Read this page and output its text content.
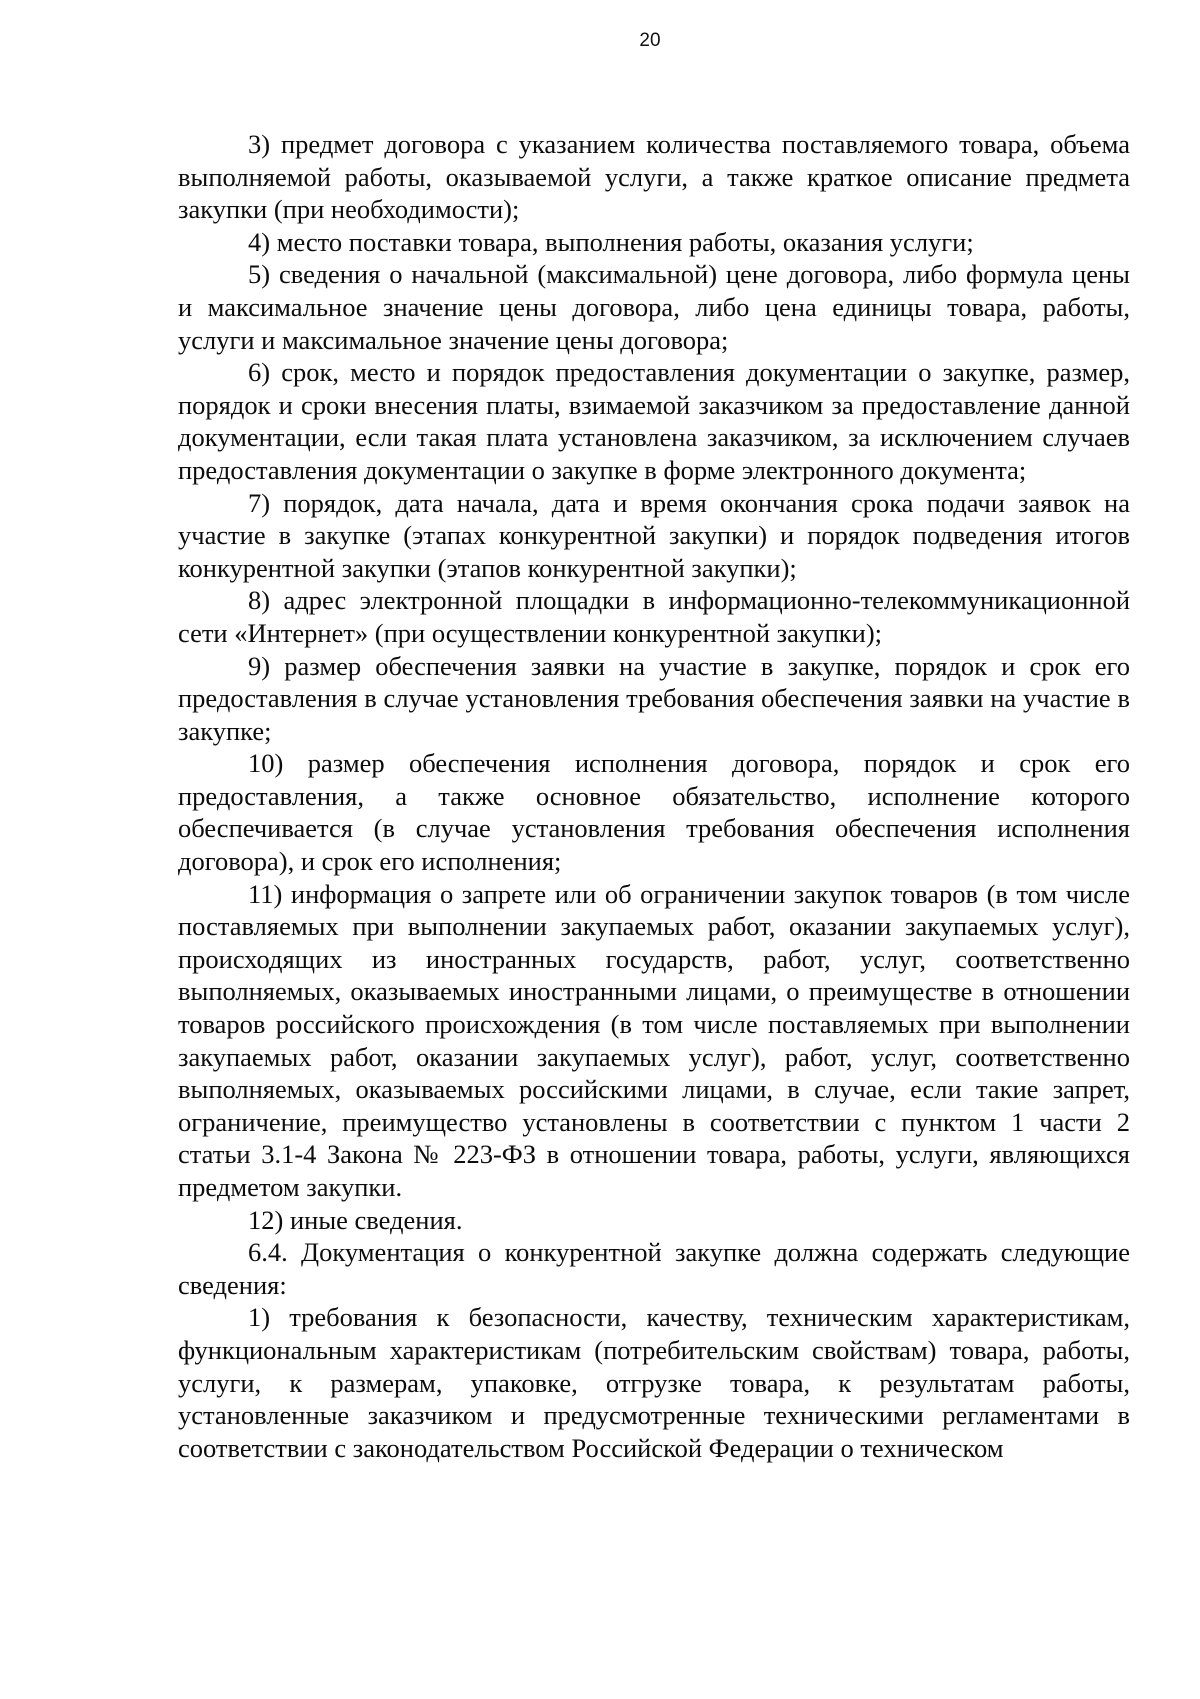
20

3) предмет договора с указанием количества поставляемого товара, объема выполняемой работы, оказываемой услуги, а также краткое описание предмета закупки (при необходимости);

4) место поставки товара, выполнения работы, оказания услуги;

5) сведения о начальной (максимальной) цене договора, либо формула цены и максимальное значение цены договора, либо цена единицы товара, работы, услуги и максимальное значение цены договора;

6) срок, место и порядок предоставления документации о закупке, размер, порядок и сроки внесения платы, взимаемой заказчиком за предоставление данной документации, если такая плата установлена заказчиком, за исключением случаев предоставления документации о закупке в форме электронного документа;

7) порядок, дата начала, дата и время окончания срока подачи заявок на участие в закупке (этапах конкурентной закупки) и порядок подведения итогов конкурентной закупки (этапов конкурентной закупки);

8) адрес электронной площадки в информационно-телекоммуникационной сети «Интернет» (при осуществлении конкурентной закупки);

9) размер обеспечения заявки на участие в закупке, порядок и срок его предоставления в случае установления требования обеспечения заявки на участие в закупке;

10) размер обеспечения исполнения договора, порядок и срок его предоставления, а также основное обязательство, исполнение которого обеспечивается (в случае установления требования обеспечения исполнения договора), и срок его исполнения;

11) информация о запрете или об ограничении закупок товаров (в том числе поставляемых при выполнении закупаемых работ, оказании закупаемых услуг), происходящих из иностранных государств, работ, услуг, соответственно выполняемых, оказываемых иностранными лицами, о преимуществе в отношении товаров российского происхождения (в том числе поставляемых при выполнении закупаемых работ, оказании закупаемых услуг), работ, услуг, соответственно выполняемых, оказываемых российскими лицами, в случае, если такие запрет, ограничение, преимущество установлены в соответствии с пунктом 1 части 2 статьи 3.1-4 Закона № 223-ФЗ в отношении товара, работы, услуги, являющихся предметом закупки.

12) иные сведения.

6.4. Документация о конкурентной закупке должна содержать следующие сведения:

1) требования к безопасности, качеству, техническим характеристикам, функциональным характеристикам (потребительским свойствам) товара, работы, услуги, к размерам, упаковке, отгрузке товара, к результатам работы, установленные заказчиком и предусмотренные техническими регламентами в соответствии с законодательством Российской Федерации о техническом
